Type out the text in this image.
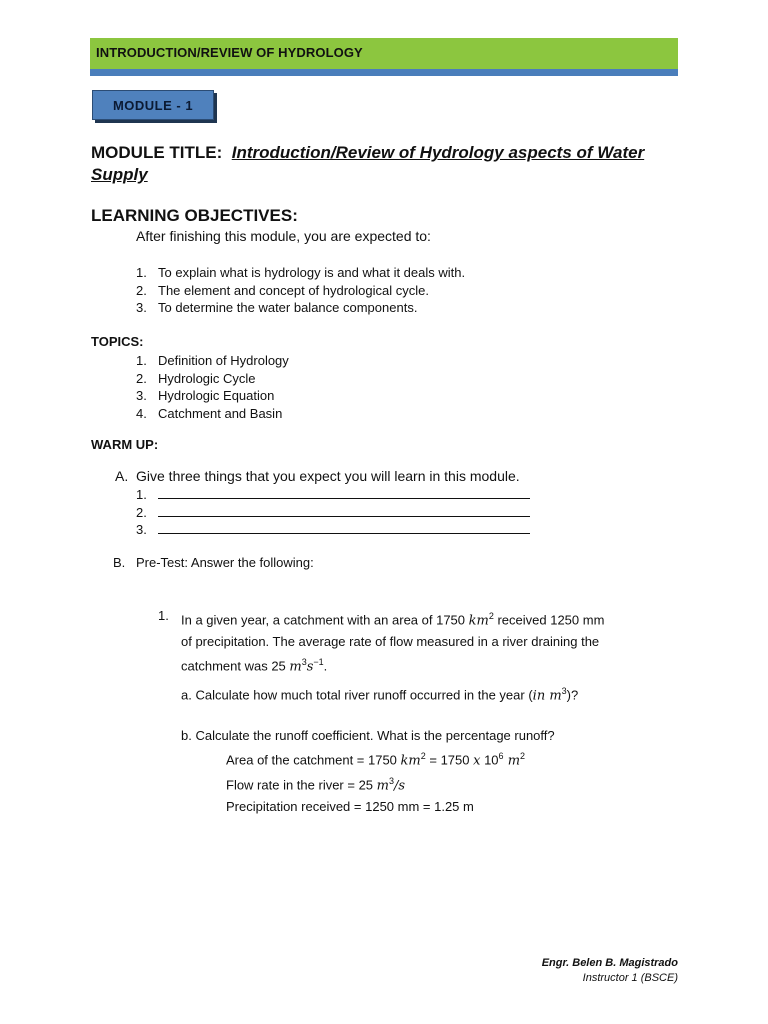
INTRODUCTION/REVIEW OF HYDROLOGY
MODULE - 1
MODULE TITLE: Introduction/Review of Hydrology aspects of Water Supply
LEARNING OBJECTIVES:
After finishing this module, you are expected to:
1. To explain what is hydrology is and what it deals with.
2. The element and concept of hydrological cycle.
3. To determine the water balance components.
TOPICS:
1. Definition of Hydrology
2. Hydrologic Cycle
3. Hydrologic Equation
4. Catchment and Basin
WARM UP:
A. Give three things that you expect you will learn in this module.
1.
2.
3.
B. Pre-Test: Answer the following:
1. In a given year, a catchment with an area of 1750 $km^2$ received 1250 mm
of precipitation. The average rate of flow measured in a river draining the
catchment was 25 $m^3s^{-1}$.
a. Calculate how much total river runoff occurred in the year (in $m^3$)?
b. Calculate the runoff coefficient. What is the percentage runoff?
Area of the catchment = 1750 $km^2 = 1750$ x $10^6$ $m^2$
Flow rate in the river = 25 $m^3/s$
Precipitation received = 1250 mm = 1.25 m
Engr. Belen B. Magistrado
Instructor 1 (BSCE)
